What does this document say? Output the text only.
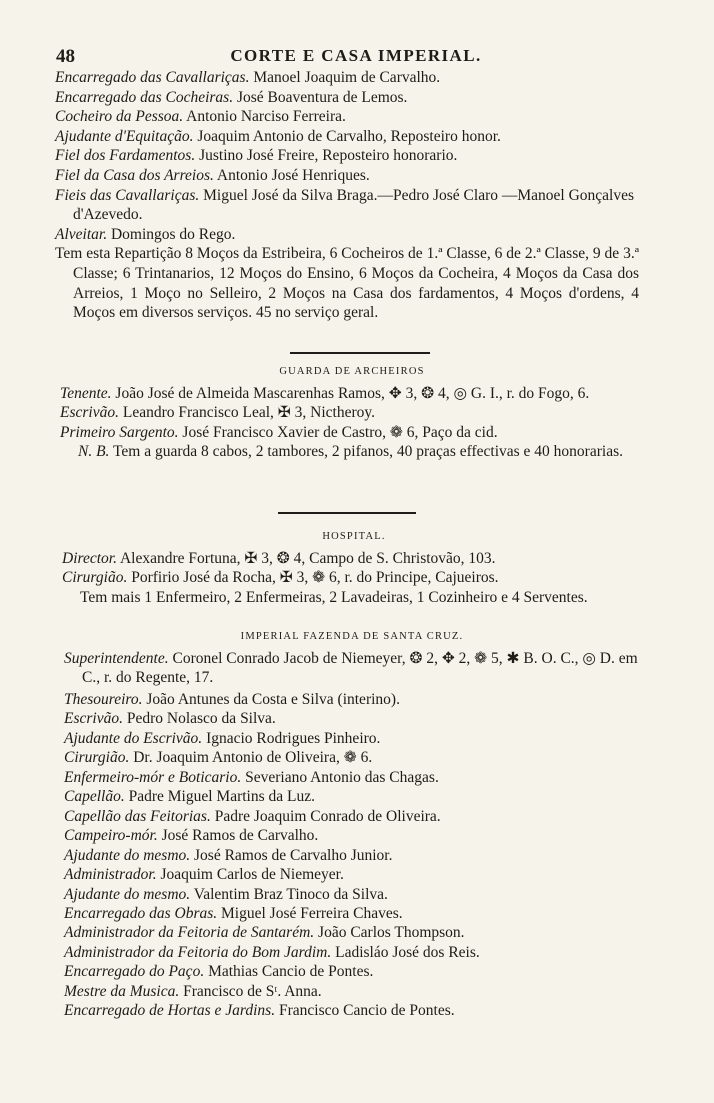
48	CORTE E CASA IMPERIAL.

Encarregado das Cavallariças. Manoel Joaquim de Carvalho.

Encarregado das Cocheiras. José Boaventura de Lemos.

Cocheiro da Pessoa. Antonio Narciso Ferreira.

Ajudante d'Equitação. Joaquim Antonio de Carvalho, Reposteiro honor.

Fiel dos Fardamentos. Justino José Freire, Reposteiro honorario.

Fiel da Casa dos Arreios. Antonio José Henriques.

Fieis das Cavallariças. Miguel José da Silva Braga.—Pedro José Claro —Manoel Gonçalves d'Azevedo.

Alveitar. Domingos do Rego.

Tem esta Repartição 8 Moços da Estribeira, 6 Cocheiros de 1.ª Classe, 6 de 2.ª Classe, 9 de 3.ª Classe; 6 Trintanarios, 12 Moços do Ensino, 6 Moços da Cocheira, 4 Moços da Casa dos Arreios, 1 Moço no Selleiro, 2 Moços na Casa dos fardamentos, 4 Moços d'ordens, 4 Moços em diversos serviços. 45 no serviço geral.

GUARDA DE ARCHEIROS

Tenente. João José de Almeida Mascarenhas Ramos, ✥ 3, ❂ 4, ◎ G. I., r. do Fogo, 6.

Escrivão. Leandro Francisco Leal, ✠ 3, Nictheroy.

Primeiro Sargento. José Francisco Xavier de Castro, ❁ 6, Paço da cid.

N. B. Tem a guarda 8 cabos, 2 tambores, 2 pifanos, 40 praças effectivas e 40 honorarias.

HOSPITAL.

Director. Alexandre Fortuna, ✠ 3, ❂ 4, Campo de S. Christovão, 103.

Cirurgião. Porfirio José da Rocha, ✠ 3, ❁ 6, r. do Principe, Cajueiros.

Tem mais 1 Enfermeiro, 2 Enfermeiras, 2 Lavadeiras, 1 Cozinheiro e 4 Serventes.

IMPERIAL FAZENDA DE SANTA CRUZ.

Superintendente. Coronel Conrado Jacob de Niemeyer, ❂ 2, ✥ 2, ❁ 5, ✱ B. O. C., ◎ D. em C., r. do Regente, 17.

Thesoureiro. João Antunes da Costa e Silva (interino).

Escrivão. Pedro Nolasco da Silva.

Ajudante do Escrivão. Ignacio Rodrigues Pinheiro.

Cirurgião. Dr. Joaquim Antonio de Oliveira, ❁ 6.

Enfermeiro-mór e Boticario. Severiano Antonio das Chagas.

Capellão. Padre Miguel Martins da Luz.

Capellão das Feitorias. Padre Joaquim Conrado de Oliveira.

Campeiro-mór. José Ramos de Carvalho.

Ajudante do mesmo. José Ramos de Carvalho Junior.

Administrador. Joaquim Carlos de Niemeyer.

Ajudante do mesmo. Valentim Braz Tinoco da Silva.

Encarregado das Obras. Miguel José Ferreira Chaves.

Administrador da Feitoria de Santarém. João Carlos Thompson.

Administrador da Feitoria do Bom Jardim. Ladisláo José dos Reis.

Encarregado do Paço. Mathias Cancio de Pontes.

Mestre da Musica. Francisco de Sᵗ. Anna.

Encarregado de Hortas e Jardins. Francisco Cancio de Pontes.
